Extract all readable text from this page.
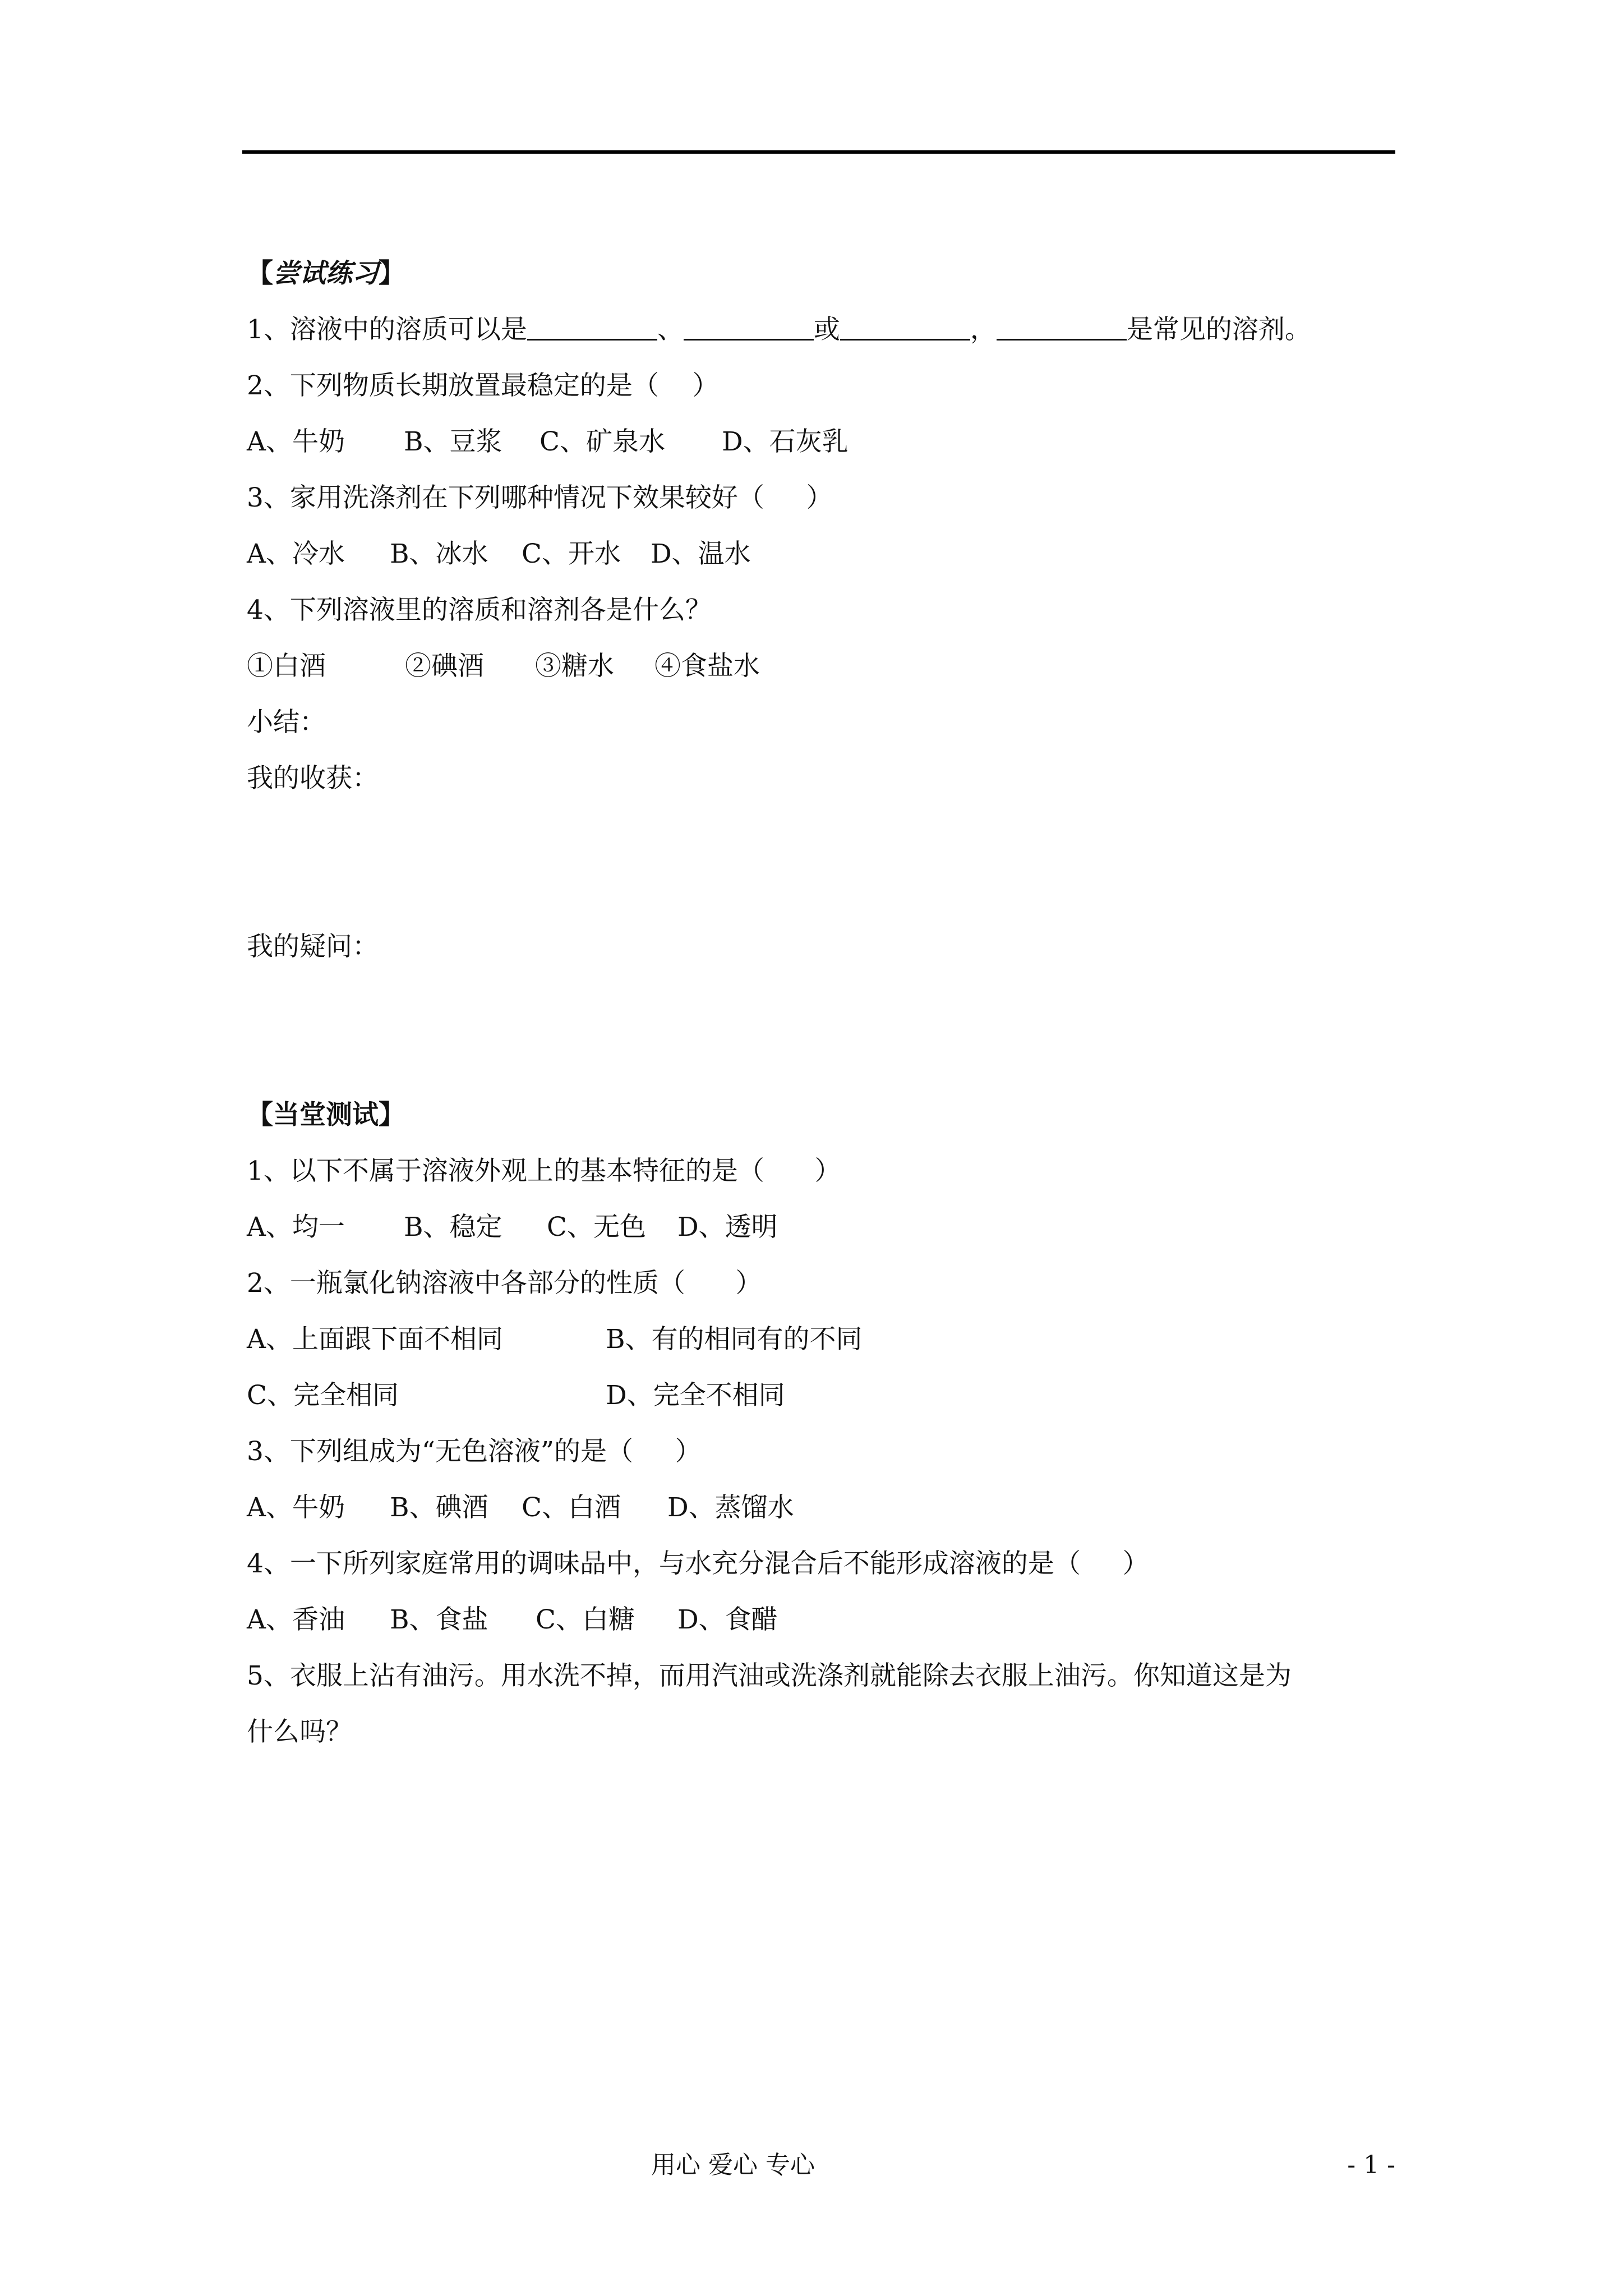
【尝试练习】
1、溶液中的溶质可以是	、	或	，	是常见的溶剂。
2、下列物质长期放置最稳定的是（    ）
A、牛奶 B、豆浆 C、矿泉水 D、石灰乳
3、家用洗涤剂在下列哪种情况下效果较好（     ）
A、冷水 B、冰水 C、开水 D、温水
4、下列溶液里的溶质和溶剂各是什么？
①白酒	②碘酒 ③糖水 ④食盐水
小结：
我的收获：
我的疑问：
【当堂测试】
1、以下不属于溶液外观上的基本特征的是（      ）
A、均一 B、稳定 C、无色 D、透明
2、一瓶氯化钠溶液中各部分的性质（      ）
A、上面跟下面不相同	B、有的相同有的不同
C、完全相同	D、完全不相同
3、下列组成为“无色溶液”的是（     ）
A、牛奶 B、碘酒 C、白酒 D、蒸馏水
4、一下所列家庭常用的调味品中，与水充分混合后不能形成溶液的是（     ）
A、香油 B、食盐 C、白糖 D、食醋
5、衣服上沾有油污。用水洗不掉，而用汽油或洗涤剂就能除去衣服上油污。你知道这是为
什么吗？
用心 爱心 专心	- 1 -
